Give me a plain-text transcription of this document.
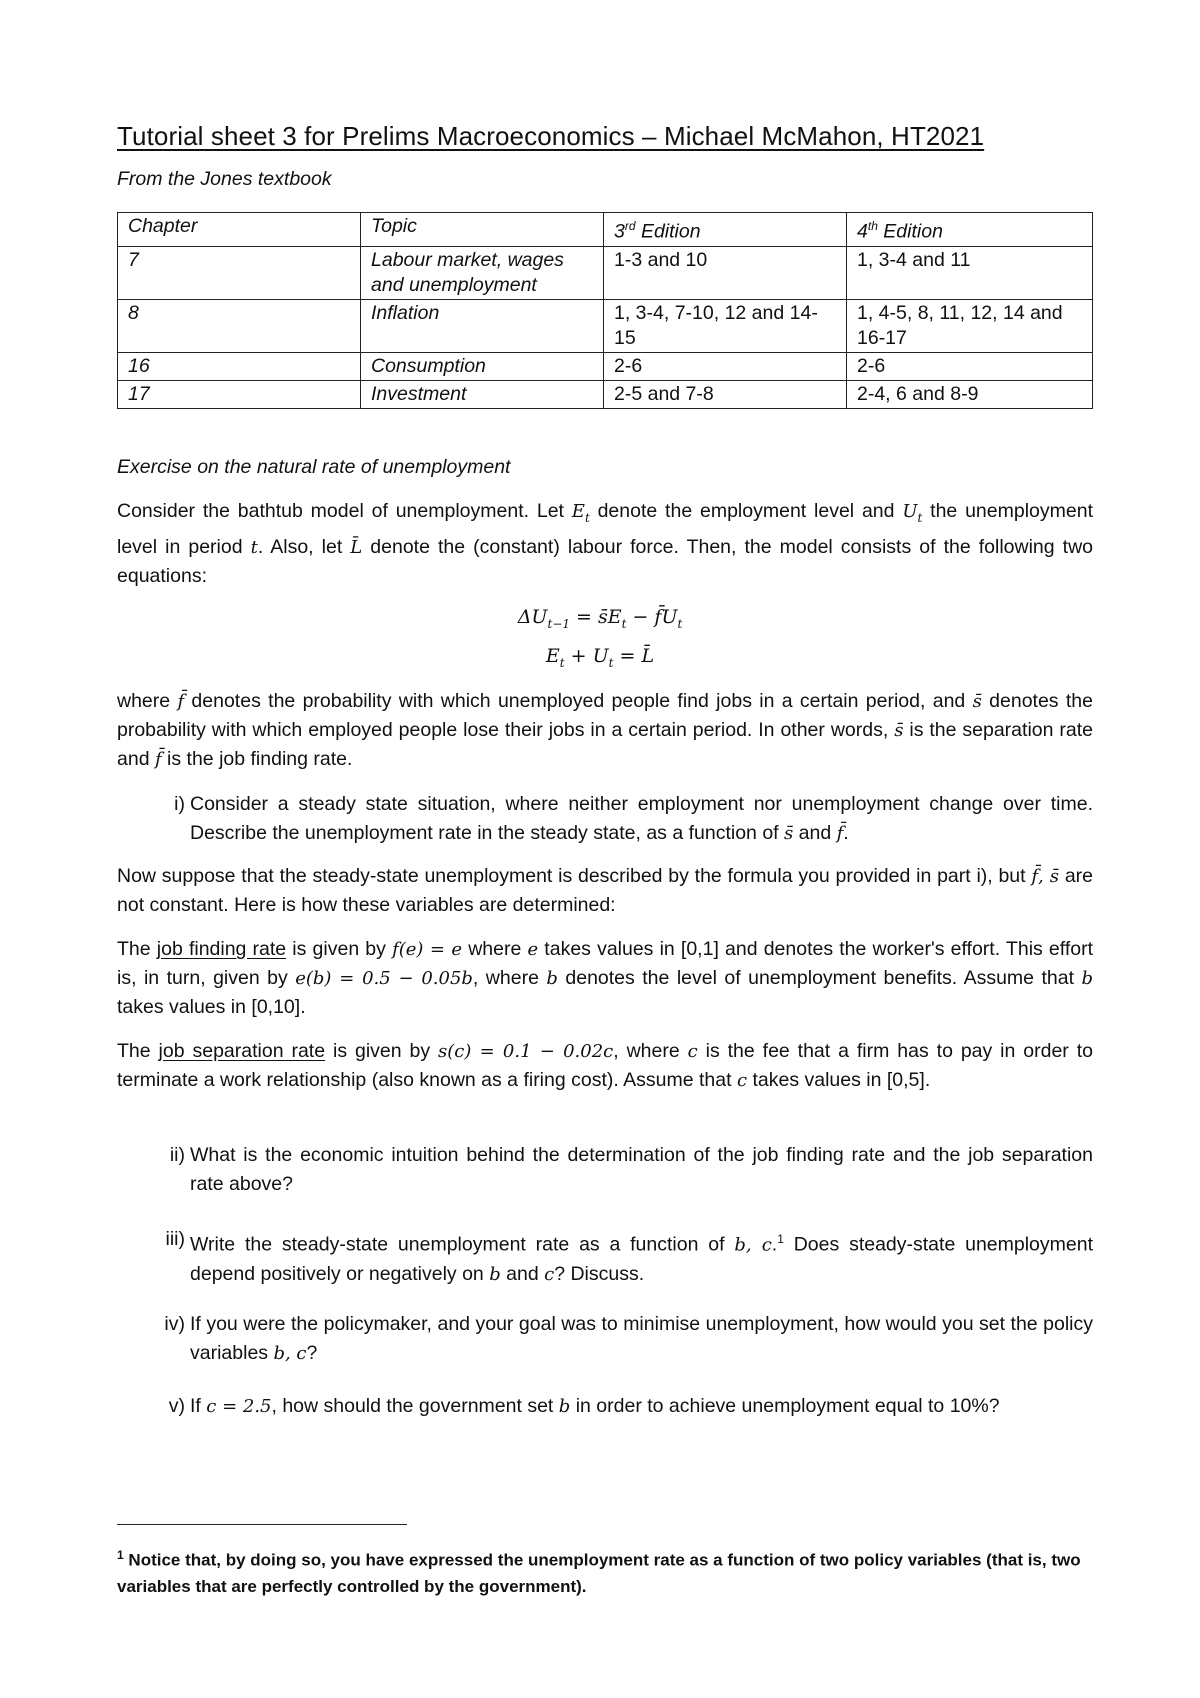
Tutorial sheet 3 for Prelims Macroeconomics – Michael McMahon, HT2021
From the Jones textbook
Chapter	Topic	3rd Edition	4th Edition
7	Labour market, wages and unemployment	1-3 and 10	1, 3-4 and 11
8	Inflation	1, 3-4, 7-10, 12 and 14-15	1, 4-5, 8, 11, 12, 14 and 16-17
16	Consumption	2-6	2-6
17	Investment	2-5 and 7-8	2-4, 6 and 8-9
Exercise on the natural rate of unemployment
Consider the bathtub model of unemployment. Let $E_t$ denote the employment level and $U_t$ the unemployment level in period t. Also, let L̄ denote the (constant) labour force. Then, the model consists of the following two equations:
$\Delta U_{t-1}$ = $s̄E_t$ − $f̄U_t$
$E_t + U_t$ = L̄
where f̄ denotes the probability with which unemployed people find jobs in a certain period, and s̄ denotes the probability with which employed people lose their jobs in a certain period. In other words, s̄ is the separation rate and f̄ is the job finding rate.
i) Consider a steady state situation, where neither employment nor unemployment change over time. Describe the unemployment rate in the steady state, as a function of s̄ and f̄.
Now suppose that the steady-state unemployment is described by the formula you provided in part i), but f̄, s̄ are not constant. Here is how these variables are determined:
The job finding rate is given by f(e) = e where e takes values in [0,1] and denotes the worker's effort. This effort is, in turn, given by e(b) = 0.5 − 0.05b, where b denotes the level of unemployment benefits. Assume that b takes values in [0,10].
The job separation rate is given by s(c) = 0.1 − 0.02c, where c is the fee that a firm has to pay in order to terminate a work relationship (also known as a firing cost). Assume that c takes values in [0,5].
ii) What is the economic intuition behind the determination of the job finding rate and the job separation rate above?
iii) Write the steady-state unemployment rate as a function of b, c.$^1$ Does steady-state unemployment depend positively or negatively on b and c? Discuss.
iv) If you were the policymaker, and your goal was to minimise unemployment, how would you set the policy variables b, c?
v) If c = 2.5, how should the government set b in order to achieve unemployment equal to 10%?
$^1$ Notice that, by doing so, you have expressed the unemployment rate as a function of two policy variables (that is, two variables that are perfectly controlled by the government).
